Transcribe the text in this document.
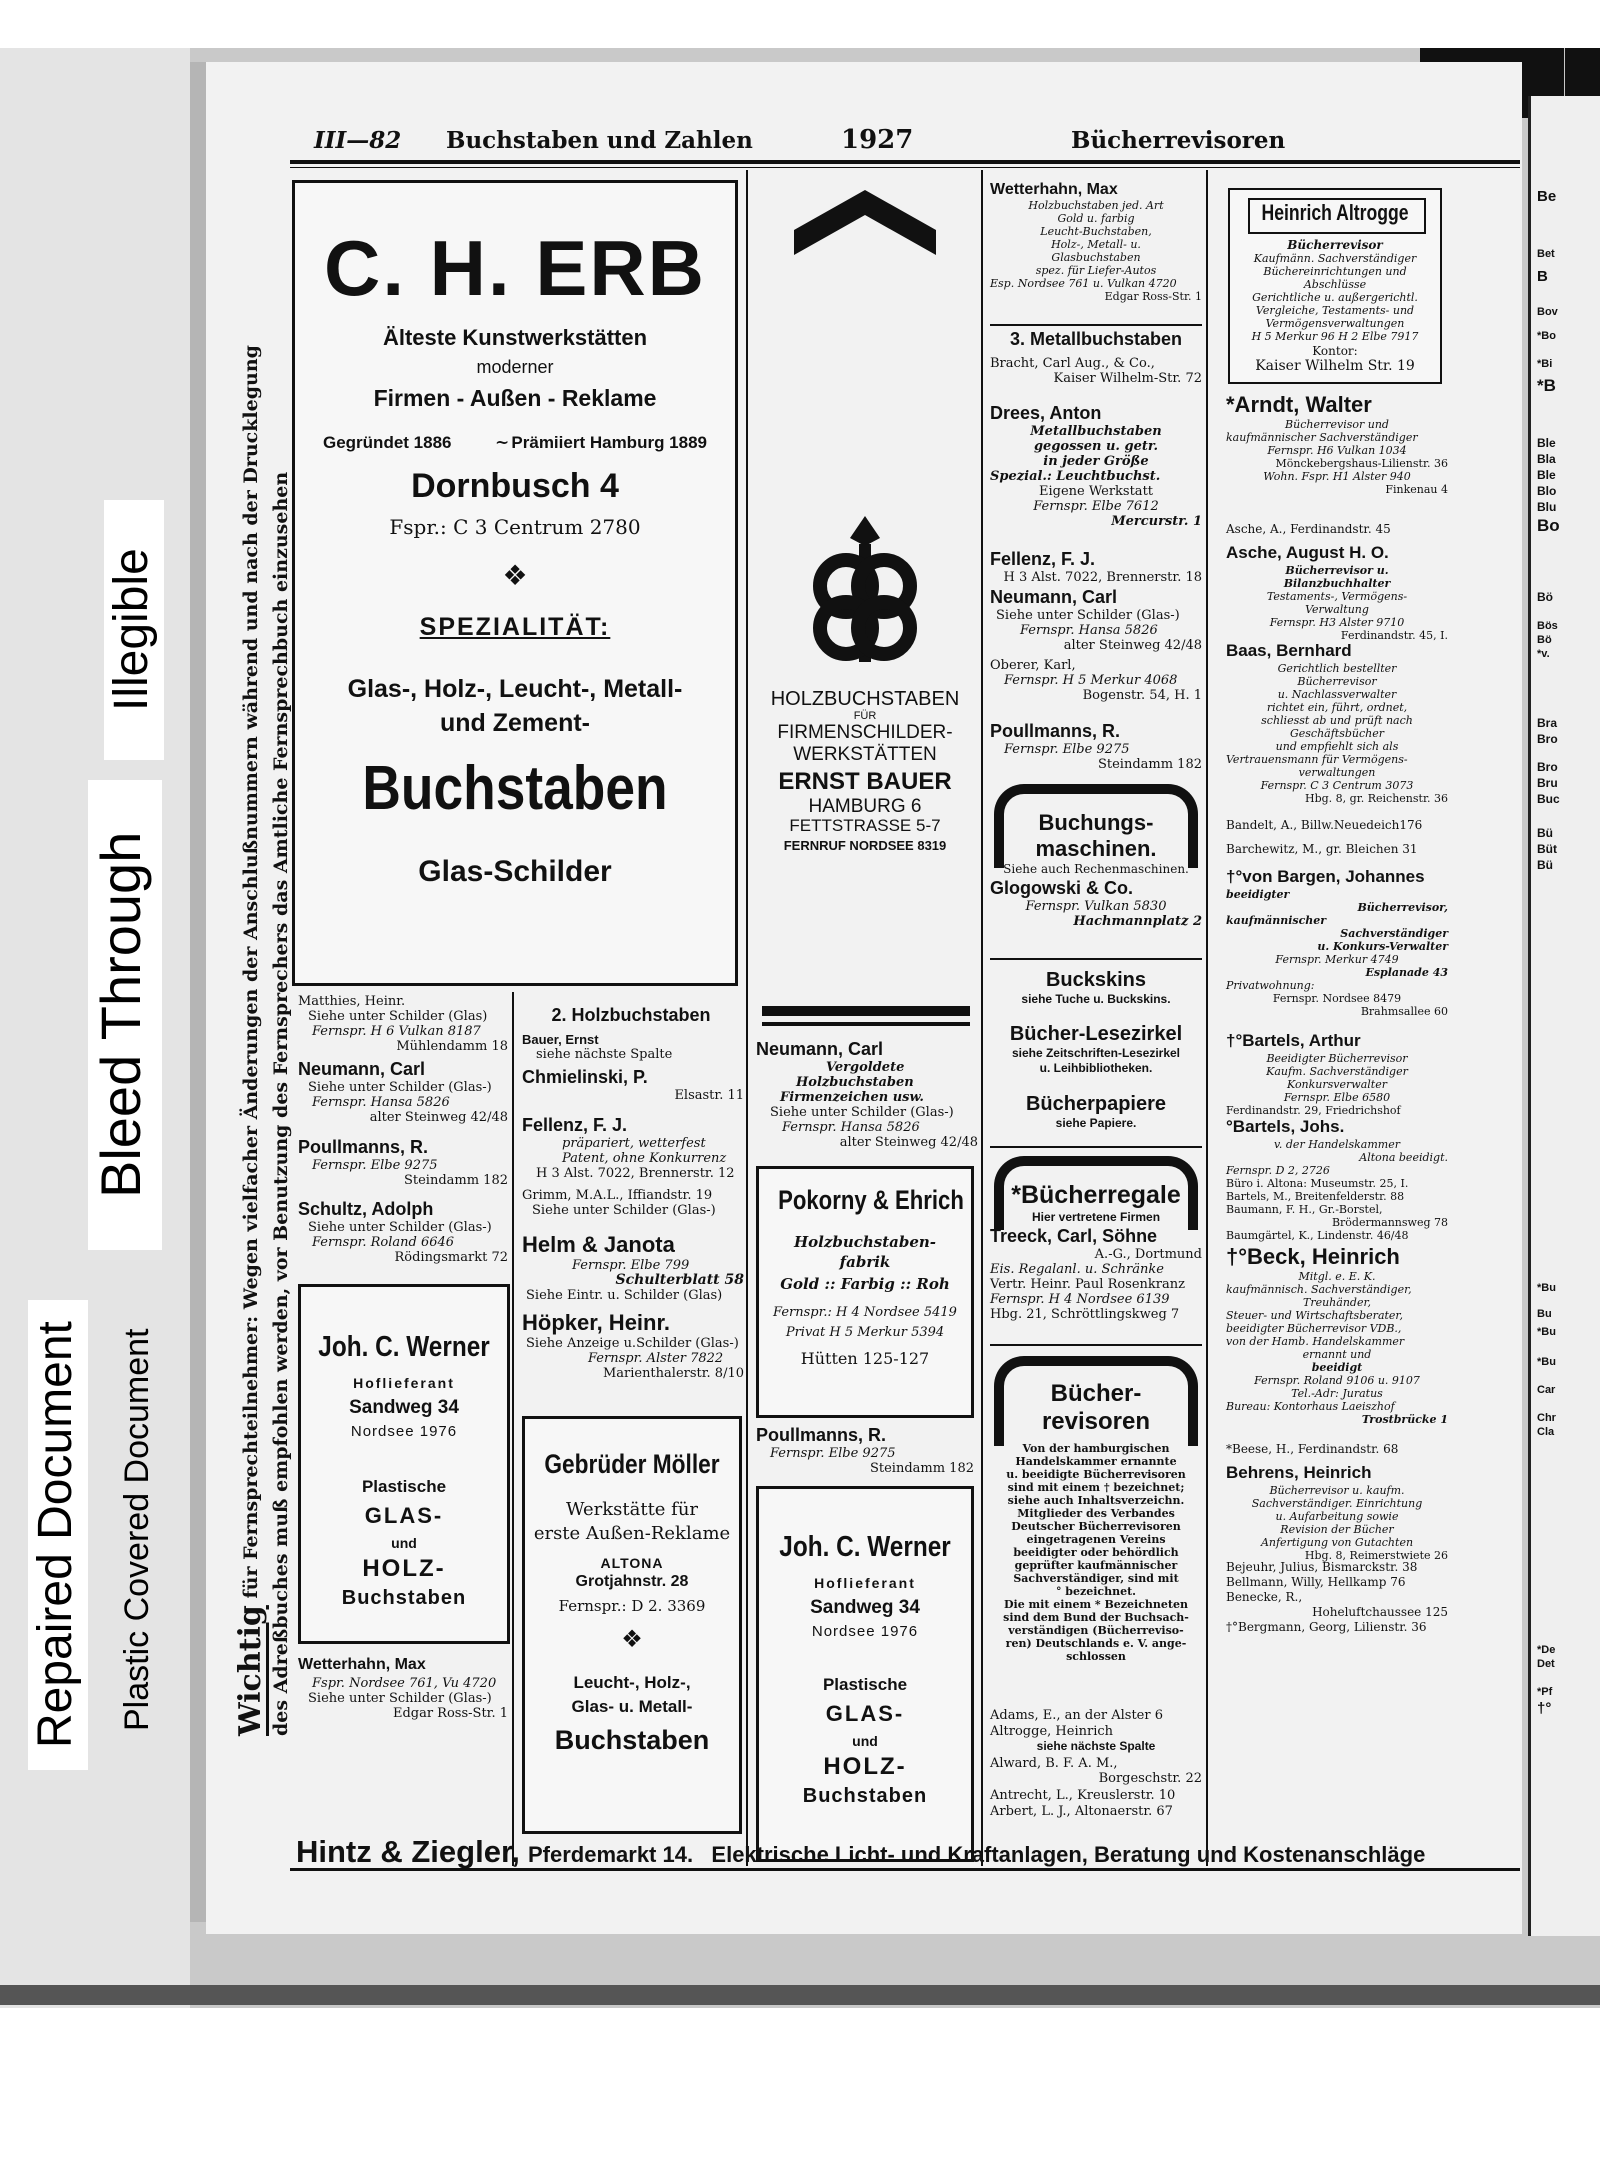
Repaired Document Plastic Covered Document
Bleed Through
Illegible
III—82 Buchstaben und Zahlen	1927	Bücherrevisoren
Wichtig für Fernsprechteilnehmer: Wegen vielfacher Änderungen der Anschlußnummern während und nach der Drucklegung des Adreßbuches muß empfohlen werden, vor Benutzung des Fernsprechers das Amtliche Fernsprechbuch einzusehen
C. H. ERB
Älteste Kunstwerkstätten
moderner
Firmen - Außen - Reklame
Gegründet 1886	~ Prämiiert Hamburg 1889
Dornbusch 4
Fspr.: C 3 Centrum 2780
❖
SPEZIALITÄT:
Glas-, Holz-, Leucht-, Metall-
und Zement-
Buchstaben
Glas-Schilder
HOLZBUCHSTABEN
FÜR
FIRMENSCHILDER-
WERKSTÄTTEN
ERNST BAUER
HAMBURG 6
FETTSTRASSE 5-7
FERNRUF NORDSEE 8319
Matthies, Heinr.
Siehe unter Schilder (Glas)
Fernspr. H 6 Vulkan 8187
Mühlendamm 18
Neumann, Carl
Siehe unter Schilder (Glas-)
Fernspr. Hansa 5826
alter Steinweg 42/48
Poullmanns, R.
Fernspr. Elbe 9275
Steindamm 182
Schultz, Adolph
Siehe unter Schilder (Glas-)
Fernspr. Roland 6646
Rödingsmarkt 72
Joh. C. Werner
Hoflieferant
Sandweg 34
Nordsee 1976
Plastische
GLAS-
und
HOLZ-
Buchstaben
Wetterhahn, Max
Fspr. Nordsee 761, Vu 4720
Siehe unter Schilder (Glas-)
Edgar Ross-Str. 1
2. Holzbuchstaben
Bauer, Ernst
siehe nächste Spalte
Chmielinski, P.
Elsastr. 11
Fellenz, F. J.
präpariert, wetterfest
Patent, ohne Konkurrenz
H 3 Alst. 7022, Brennerstr. 12
Grimm, M.A.L., Iffiandstr. 19
Siehe unter Schilder (Glas-)
Helm & Janota
Fernspr. Elbe 799
Schulterblatt 58
Siehe Eintr. u. Schilder (Glas)
Höpker, Heinr.
Siehe Anzeige u.Schilder (Glas-)
Fernspr. Alster 7822
Marienthalerstr. 8/10
Gebrüder Möller
Werkstätte für
erste Außen-Reklame
ALTONA
Grotjahnstr. 28
Fernspr.: D 2. 3369
❖
Leucht-, Holz-,
Glas- u. Metall-
Buchstaben
Neumann, Carl
Vergoldete
Holzbuchstaben
Firmenzeichen usw.
Siehe unter Schilder (Glas-)
Fernspr. Hansa 5826
alter Steinweg 42/48
Pokorny & Ehrich
Holzbuchstaben-
fabrik
Gold :: Farbig :: Roh
Fernspr.: H 4 Nordsee 5419
Privat H 5 Merkur 5394
Hütten 125-127
Poullmanns, R.
Fernspr. Elbe 9275
Steindamm 182
Joh. C. Werner
Hoflieferant
Sandweg 34
Nordsee 1976
Plastische
GLAS-
und
HOLZ-
Buchstaben
Wetterhahn, Max
Holzbuchstaben jed. Art
Gold u. farbig
Leucht-Buchstaben,
Holz-, Metall- u.
Glasbuchstaben
spez. für Liefer-Autos
Esp. Nordsee 761 u. Vulkan 4720
Edgar Ross-Str. 1
3. Metallbuchstaben
Bracht, Carl Aug., & Co.,
Kaiser Wilhelm-Str. 72
Drees, Anton
Metallbuchstaben
gegossen u. getr.
in jeder Größe
Spezial.: Leuchtbuchst.
Eigene Werkstatt
Fernspr. Elbe 7612
Mercurstr. 1
Fellenz, F. J.
H 3 Alst. 7022, Brennerstr. 18
Neumann, Carl
Siehe unter Schilder (Glas-)
Fernspr. Hansa 5826
alter Steinweg 42/48
Oberer, Karl,
Fernspr. H 5 Merkur 4068
Bogenstr. 54, H. 1
Poullmanns, R.
Fernspr. Elbe 9275
Steindamm 182
Buchungs-
maschinen.
Siehe auch Rechenmaschinen.
Glogowski & Co.
Fernspr. Vulkan 5830
Hachmannplatz 2
Buckskins
siehe Tuche u. Buckskins.
Bücher-Lesezirkel
siehe Zeitschriften-Lesezirkel
u. Leihbibliotheken.
Bücherpapiere
siehe Papiere.
*Bücherregale
Hier vertretene Firmen
Treeck, Carl, Söhne
A.-G., Dortmund
Eis. Regalanl. u. Schränke
Vertr. Heinr. Paul Rosenkranz
Fernspr. H 4 Nordsee 6139
Hbg. 21, Schröttlingskweg 7
Bücher-
revisoren
Von der hamburgischen
Handelskammer ernannte
u. beeidigte Bücherrevisoren
sind mit einem † bezeichnet;
siehe auch Inhaltsverzeichn.
Mitglieder des Verbandes
Deutscher Bücherrevisoren
eingetragenen Vereins
beeidigter oder behördlich
geprüfter kaufmännischer
Sachverständiger, sind mit
° bezeichnet.
Die mit einem * Bezeichneten
sind dem Bund der Buchsach-
verständigen (Bücherreviso-
ren) Deutschlands e. V. ange-
schlossen
Adams, E., an der Alster 6
Altrogge, Heinrich
siehe nächste Spalte
Alward, B. F. A. M.,
Borgeschstr. 22
Antrecht, L., Kreuslerstr. 10
Arbert, L. J., Altonaerstr. 67
Heinrich Altrogge
Bücherrevisor
Kaufmänn. Sachverständiger
Büchereinrichtungen und
Abschlüsse
Gerichtliche u. außergerichtl.
Vergleiche, Testaments- und
Vermögensverwaltungen
H 5 Merkur 96 H 2 Elbe 7917
Kontor:
Kaiser Wilhelm Str. 19
*Arndt, Walter
Bücherrevisor und
kaufmännischer Sachverständiger
Fernspr. H6 Vulkan 1034
Mönckebergshaus-Lilienstr. 36
Wohn. Fspr. H1 Alster 940
Finkenau 4
Asche, A., Ferdinandstr. 45
Asche, August H. O.
Bücherrevisor u.
Bilanzbuchhalter
Testaments-, Vermögens-
Verwaltung
Fernspr. H3 Alster 9710
Ferdinandstr. 45, I.
Baas, Bernhard
Gerichtlich bestellter
Bücherrevisor
u. Nachlassverwalter
richtet ein, führt, ordnet,
schliesst ab und prüft nach
Geschäftsbücher
und empfiehlt sich als
Vertrauensmann für Vermögens-
verwaltungen
Fernspr. C 3 Centrum 3073
Hbg. 8, gr. Reichenstr. 36
Bandelt, A., Billw.Neuedeich176
Barchewitz, M., gr. Bleichen 31
†°von Bargen, Johannes
beeidigter
Bücherrevisor,
kaufmännischer
Sachverständiger
u. Konkurs-Verwalter
Fernspr. Merkur 4749
Esplanade 43
Privatwohnung:
Fernspr. Nordsee 8479
Brahmsallee 60
†°Bartels, Arthur
Beeidigter Bücherrevisor
Kaufm. Sachverständiger
Konkursverwalter
Fernspr. Elbe 6580
Ferdinandstr. 29, Friedrichshof
°Bartels, Johs.
v. der Handelskammer
Altona beeidigt.
Fernspr. D 2, 2726
Büro i. Altona: Museumstr. 25, I.
Bartels, M., Breitenfelderstr. 88
Baumann, F. H., Gr.-Borstel,
Brödermannsweg 78
Baumgärtel, K., Lindenstr. 46/48
†°Beck, Heinrich
Mitgl. e. E. K.
kaufmännisch. Sachverständiger,
Treuhänder,
Steuer- und Wirtschaftsberater,
beeidigter Bücherrevisor VDB.,
von der Hamb. Handelskammer
ernannt und
beeidigt
Fernspr. Roland 9106 u. 9107
Tel.-Adr: Juratus
Bureau: Kontorhaus Laeiszhof
Trostbrücke 1
*Beese, H., Ferdinandstr. 68
Behrens, Heinrich
Bücherrevisor u. kaufm.
Sachverständiger. Einrichtung
u. Aufarbeitung sowie
Revision der Bücher
Anfertigung von Gutachten
Hbg. 8, Reimerstwiete 26
Bejeuhr, Julius, Bismarckstr. 38
Bellmann, Willy, Hellkamp 76
Benecke, R.,
Hoheluftchaussee 125
†°Bergmann, Georg, Lilienstr. 36
Hintz & Ziegler, Pferdemarkt 14.   Elektrische Licht- und Kraftanlagen, Beratung und Kostenanschläge
Be
Bet
B
Bov
*Bo
*Bi
*B
Ble
Bla
Ble
Blo
Blu
Bo
Bö
Bös
Bö
*v.
Bra
Bro
Bro
Bru
Buc
Bü
Büt
Bü
*Bu
Bu
*Bu
*Bu
Car
Chr
Cla
*De
Det
*Pf
†°
